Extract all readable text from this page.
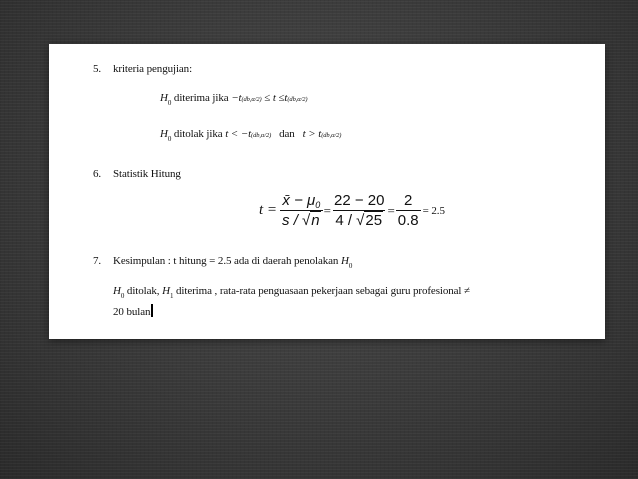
5. kriteria pengujian:
$H_0$ diterima jika −t(db,α/2) ≤ t ≤t(db,α/2)
$H_0$ ditolak jika t < −t(db,α/2) dan t > t(db,α/2)
6. Statistik Hitung
$t = \frac{x̄ - \mu_0}{s / √n} = \frac{22 - 20}{4 / √25} = \frac{2}{0.8} = 2.5$
7. Kesimpulan : t hitung = 2.5 ada di daerah penolakan $H_0$
$H_0$ ditolak, $H_1$ diterima , rata-rata penguasaan pekerjaan sebagai guru profesional ≠
20 bulan
